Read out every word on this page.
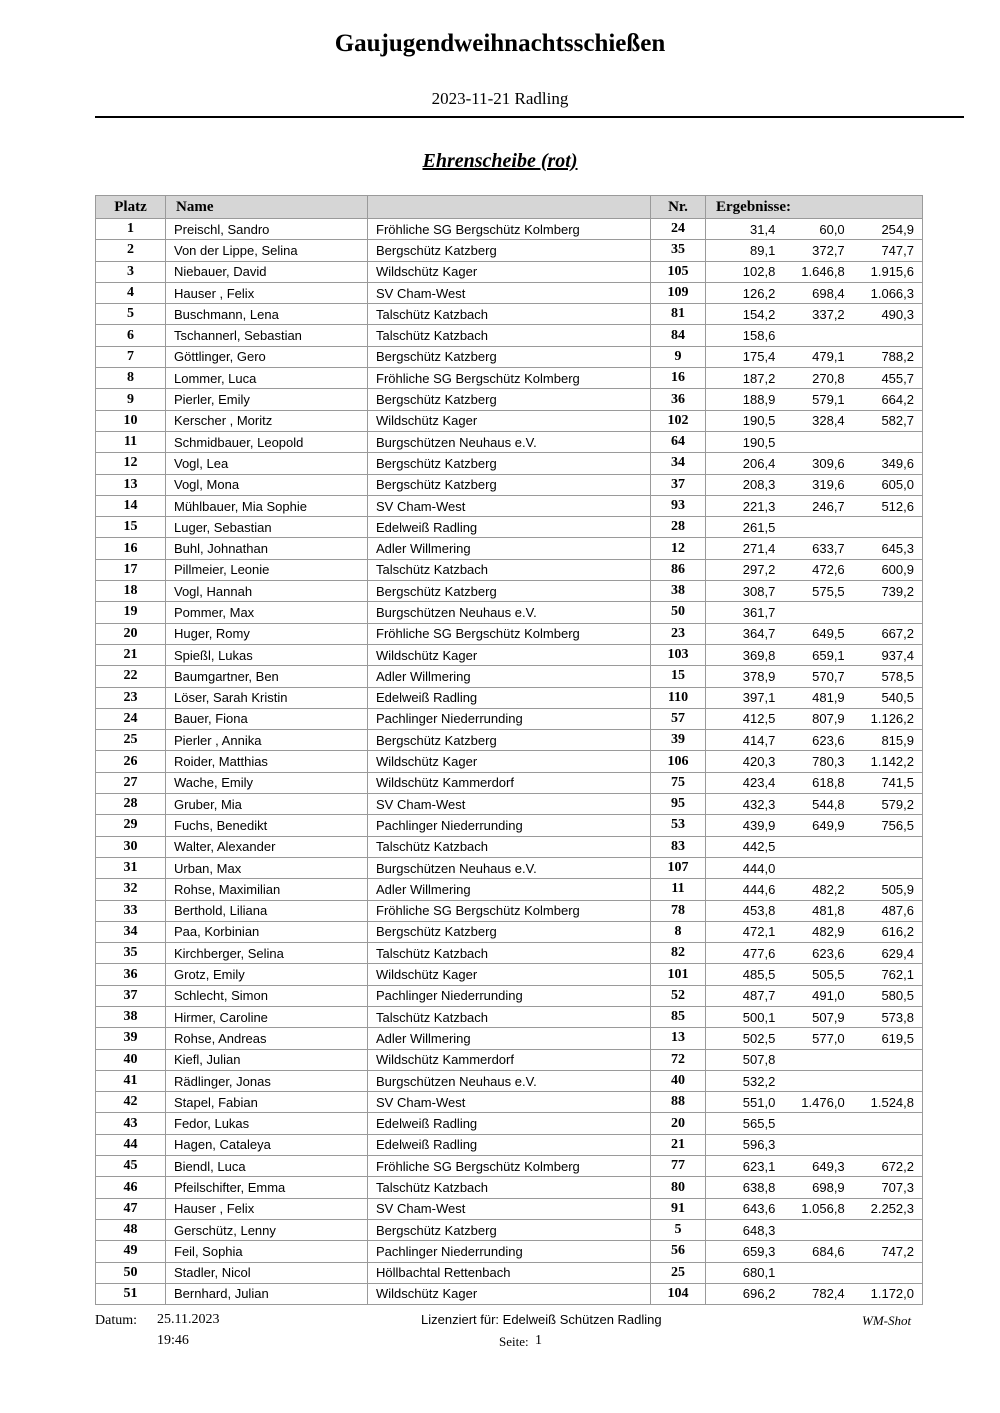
Gaujugendweihnachtsschießen
2023-11-21 Radling
Ehrenscheibe (rot)
Platz	Name		Nr.	Ergebnisse:
1	Preischl, Sandro	Fröhliche SG Bergschütz Kolmberg	24	31,4 60,0 254,9

2	Von der Lippe, Selina	Bergschütz Katzberg	35	89,1 372,7 747,7

3	Niebauer, David	Wildschütz Kager	105	102,8 1.646,8 1.915,6

4	Hauser , Felix	SV Cham-West	109	126,2 698,4 1.066,3

5	Buschmann, Lena	Talschütz Katzbach	81	154,2 337,2 490,3

6	Tschannerl, Sebastian	Talschütz Katzbach	84	158,6

7	Göttlinger, Gero	Bergschütz Katzberg	9	175,4 479,1 788,2

8	Lommer, Luca	Fröhliche SG Bergschütz Kolmberg	16	187,2 270,8 455,7

9	Pierler, Emily	Bergschütz Katzberg	36	188,9 579,1 664,2

10	Kerscher , Moritz	Wildschütz Kager	102	190,5 328,4 582,7

11	Schmidbauer, Leopold	Burgschützen Neuhaus e.V.	64	190,5

12	Vogl, Lea	Bergschütz Katzberg	34	206,4 309,6 349,6

13	Vogl, Mona	Bergschütz Katzberg	37	208,3 319,6 605,0

14	Mühlbauer, Mia Sophie	SV Cham-West	93	221,3 246,7 512,6

15	Luger, Sebastian	Edelweiß Radling	28	261,5

16	Buhl, Johnathan	Adler Willmering	12	271,4 633,7 645,3

17	Pillmeier, Leonie	Talschütz Katzbach	86	297,2 472,6 600,9

18	Vogl, Hannah	Bergschütz Katzberg	38	308,7 575,5 739,2

19	Pommer, Max	Burgschützen Neuhaus e.V.	50	361,7

20	Huger, Romy	Fröhliche SG Bergschütz Kolmberg	23	364,7 649,5 667,2

21	Spießl, Lukas	Wildschütz Kager	103	369,8 659,1 937,4

22	Baumgartner, Ben	Adler Willmering	15	378,9 570,7 578,5

23	Löser, Sarah Kristin	Edelweiß Radling	110	397,1 481,9 540,5

24	Bauer, Fiona	Pachlinger Niederrunding	57	412,5 807,9 1.126,2

25	Pierler , Annika	Bergschütz Katzberg	39	414,7 623,6 815,9

26	Roider, Matthias	Wildschütz Kager	106	420,3 780,3 1.142,2

27	Wache, Emily	Wildschütz Kammerdorf	75	423,4 618,8 741,5

28	Gruber, Mia	SV Cham-West	95	432,3 544,8 579,2

29	Fuchs, Benedikt	Pachlinger Niederrunding	53	439,9 649,9 756,5

30	Walter, Alexander	Talschütz Katzbach	83	442,5

31	Urban, Max	Burgschützen Neuhaus e.V.	107	444,0

32	Rohse, Maximilian	Adler Willmering	11	444,6 482,2 505,9

33	Berthold, Liliana	Fröhliche SG Bergschütz Kolmberg	78	453,8 481,8 487,6

34	Paa, Korbinian	Bergschütz Katzberg	8	472,1 482,9 616,2

35	Kirchberger, Selina	Talschütz Katzbach	82	477,6 623,6 629,4

36	Grotz, Emily	Wildschütz Kager	101	485,5 505,5 762,1

37	Schlecht, Simon	Pachlinger Niederrunding	52	487,7 491,0 580,5

38	Hirmer, Caroline	Talschütz Katzbach	85	500,1 507,9 573,8

39	Rohse, Andreas	Adler Willmering	13	502,5 577,0 619,5

40	Kiefl, Julian	Wildschütz Kammerdorf	72	507,8

41	Rädlinger, Jonas	Burgschützen Neuhaus e.V.	40	532,2

42	Stapel, Fabian	SV Cham-West	88	551,0 1.476,0 1.524,8

43	Fedor, Lukas	Edelweiß Radling	20	565,5

44	Hagen, Cataleya	Edelweiß Radling	21	596,3

45	Biendl, Luca	Fröhliche SG Bergschütz Kolmberg	77	623,1 649,3 672,2

46	Pfeilschifter, Emma	Talschütz Katzbach	80	638,8 698,9 707,3

47	Hauser , Felix	SV Cham-West	91	643,6 1.056,8 2.252,3

48	Gerschütz, Lenny	Bergschütz Katzberg	5	648,3

49	Feil, Sophia	Pachlinger Niederrunding	56	659,3 684,6 747,2

50	Stadler, Nicol	Höllbachtal Rettenbach	25	680,1

51	Bernhard, Julian	Wildschütz Kager	104	696,2 782,4 1.172,0
Datum: 25.11.2023
19:46
Lizenziert für: Edelweiß Schützen Radling
Seite: 1
WM-Shot
